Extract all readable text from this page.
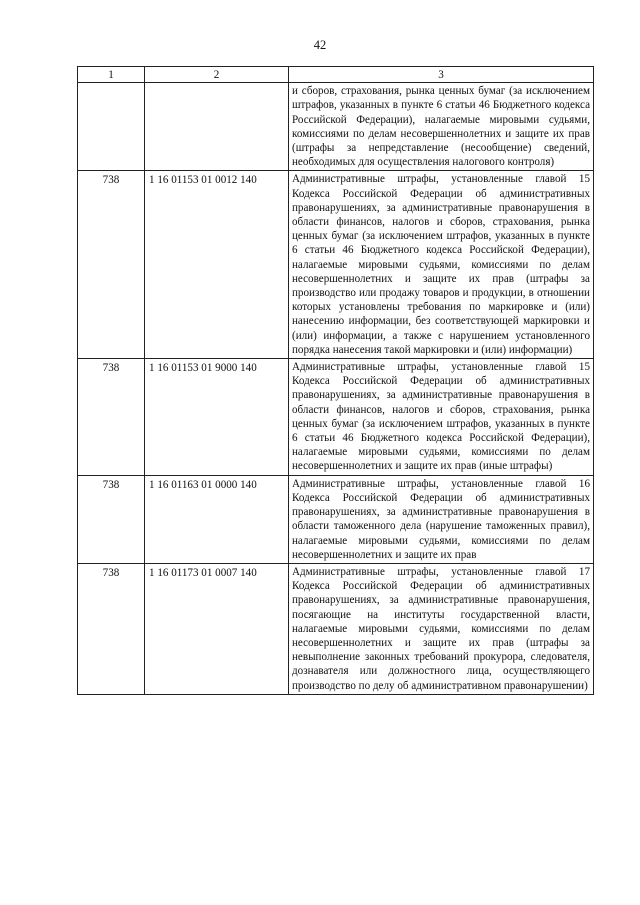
42
1	2	3
		и сборов, страхования, рынка ценных бумаг (за исключением штрафов, указанных в пункте 6 статьи 46 Бюджетного кодекса Российской Федерации), налагаемые мировыми судьями, комиссиями по делам несовершеннолетних и защите их прав (штрафы за непредставление (несообщение) сведений, необходимых для осуществления налогового контроля)
738	1 16 01153 01 0012 140	Административные штрафы, установленные главой 15 Кодекса Российской Федерации об административных правонарушениях, за административные правонарушения в области финансов, налогов и сборов, страхования, рынка ценных бумаг (за исключением штрафов, указанных в пункте 6 статьи 46 Бюджетного кодекса Российской Федерации), налагаемые мировыми судьями, комиссиями по делам несовершеннолетних и защите их прав (штрафы за производство или продажу товаров и продукции, в отношении которых установлены требования по маркировке и (или) нанесению информации, без соответствующей маркировки и (или) информации, а также с нарушением установленного порядка нанесения такой маркировки и (или) информации)
738	1 16 01153 01 9000 140	Административные штрафы, установленные главой 15 Кодекса Российской Федерации об административных правонарушениях, за административные правонарушения в области финансов, налогов и сборов, страхования, рынка ценных бумаг (за исключением штрафов, указанных в пункте 6 статьи 46 Бюджетного кодекса Российской Федерации), налагаемые мировыми судьями, комиссиями по делам несовершеннолетних и защите их прав (иные штрафы)
738	1 16 01163 01 0000 140	Административные штрафы, установленные главой 16 Кодекса Российской Федерации об административных правонарушениях, за административные правонарушения в области таможенного дела (нарушение таможенных правил), налагаемые мировыми судьями, комиссиями по делам несовершеннолетних и защите их прав
738	1 16 01173 01 0007 140	Административные штрафы, установленные главой 17 Кодекса Российской Федерации об административных правонарушениях, за административные правонарушения, посягающие на институты государственной власти, налагаемые мировыми судьями, комиссиями по делам несовершеннолетних и защите их прав (штрафы за невыполнение законных требований прокурора, следователя, дознавателя или должностного лица, осуществляющего производство по делу об административном правонарушении)
